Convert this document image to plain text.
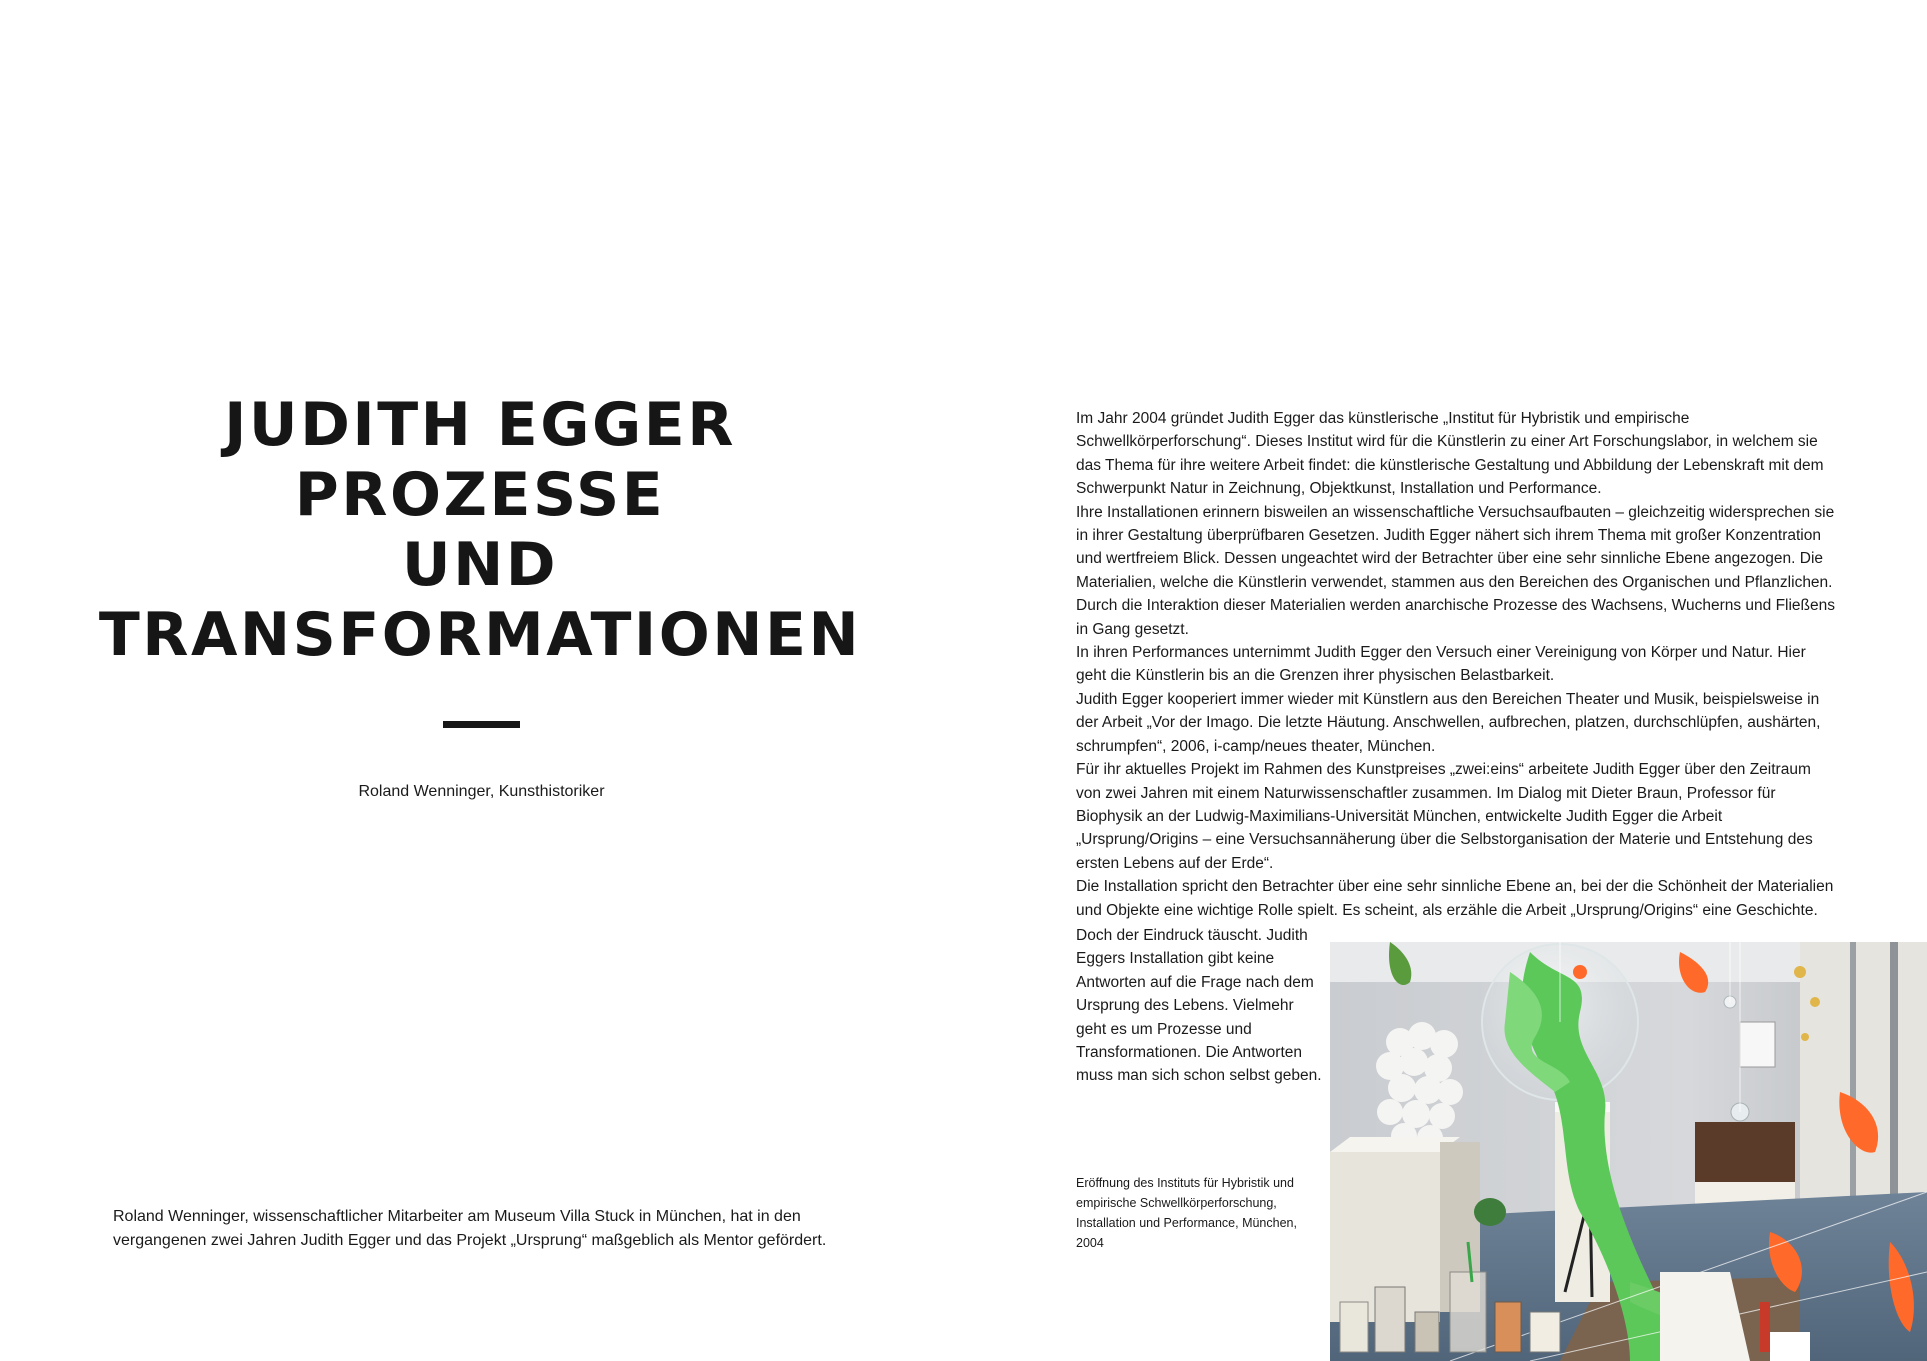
JUDITH EGGER
PROZESSE
UND
TRANSFORMATIONEN
Roland Wenninger, Kunsthistoriker
Roland Wenninger, wissenschaftlicher Mitarbeiter am Museum Villa Stuck in München, hat in den vergangenen zwei Jahren Judith Egger und das Projekt „Ursprung“ maßgeblich als Mentor gefördert.

Im Jahr 2004 gründet Judith Egger das künstlerische „Institut für Hybristik und empirische Schwellkörperforschung“. Dieses Institut wird für die Künstlerin zu einer Art Forschungslabor, in welchem sie das Thema für ihre weitere Arbeit findet: die künstlerische Gestaltung und Abbildung der Lebenskraft mit dem Schwerpunkt Natur in Zeichnung, Objektkunst, Installation und Performance.

Ihre Installationen erinnern bisweilen an wissenschaftliche Versuchsaufbauten – gleichzeitig widersprechen sie in ihrer Gestaltung überprüfbaren Gesetzen. Judith Egger nähert sich ihrem Thema mit großer Konzentration und wertfreiem Blick. Dessen ungeachtet wird der Betrachter über eine sehr sinnliche Ebene angezogen. Die Materialien, welche die Künstlerin verwendet, stammen aus den Bereichen des Organischen und Pflanzlichen. Durch die Interaktion dieser Materialien werden anarchische Prozesse des Wachsens, Wucherns und Fließens in Gang gesetzt.

In ihren Performances unternimmt Judith Egger den Versuch einer Vereinigung von Körper und Natur. Hier geht die Künstlerin bis an die Grenzen ihrer physischen Belastbarkeit.

Judith Egger kooperiert immer wieder mit Künstlern aus den Bereichen Theater und Musik, beispielsweise in der Arbeit „Vor der Imago. Die letzte Häutung. Anschwellen, aufbrechen, platzen, durchschlüpfen, aushärten, schrumpfen“, 2006, i-camp/neues theater, München.

Für ihr aktuelles Projekt im Rahmen des Kunstpreises „zwei:eins“ arbeitete Judith Egger über den Zeitraum von zwei Jahren mit einem Naturwissenschaftler zusammen. Im Dialog mit Dieter Braun, Professor für Biophysik an der Ludwig-Maximilians-Universität München, entwickelte Judith Egger die Arbeit „Ursprung/Origins – eine Versuchsannäherung über die Selbstorganisation der Materie und Entstehung des ersten Lebens auf der Erde“.

Die Installation spricht den Betrachter über eine sehr sinnliche Ebene an, bei der die Schönheit der Materialien und Objekte eine wichtige Rolle spielt. Es scheint, als erzähle die Arbeit „Ursprung/Origins“ eine Geschichte.

Doch der Eindruck täuscht. Judith Eggers Installation gibt keine Antworten auf die Frage nach dem Ursprung des Lebens. Vielmehr geht es um Prozesse und Transformationen. Die Antworten muss man sich schon selbst geben.
Eröffnung des Instituts für Hybristik und empirische Schwellkörperforschung, Installation und Performance, München, 2004
